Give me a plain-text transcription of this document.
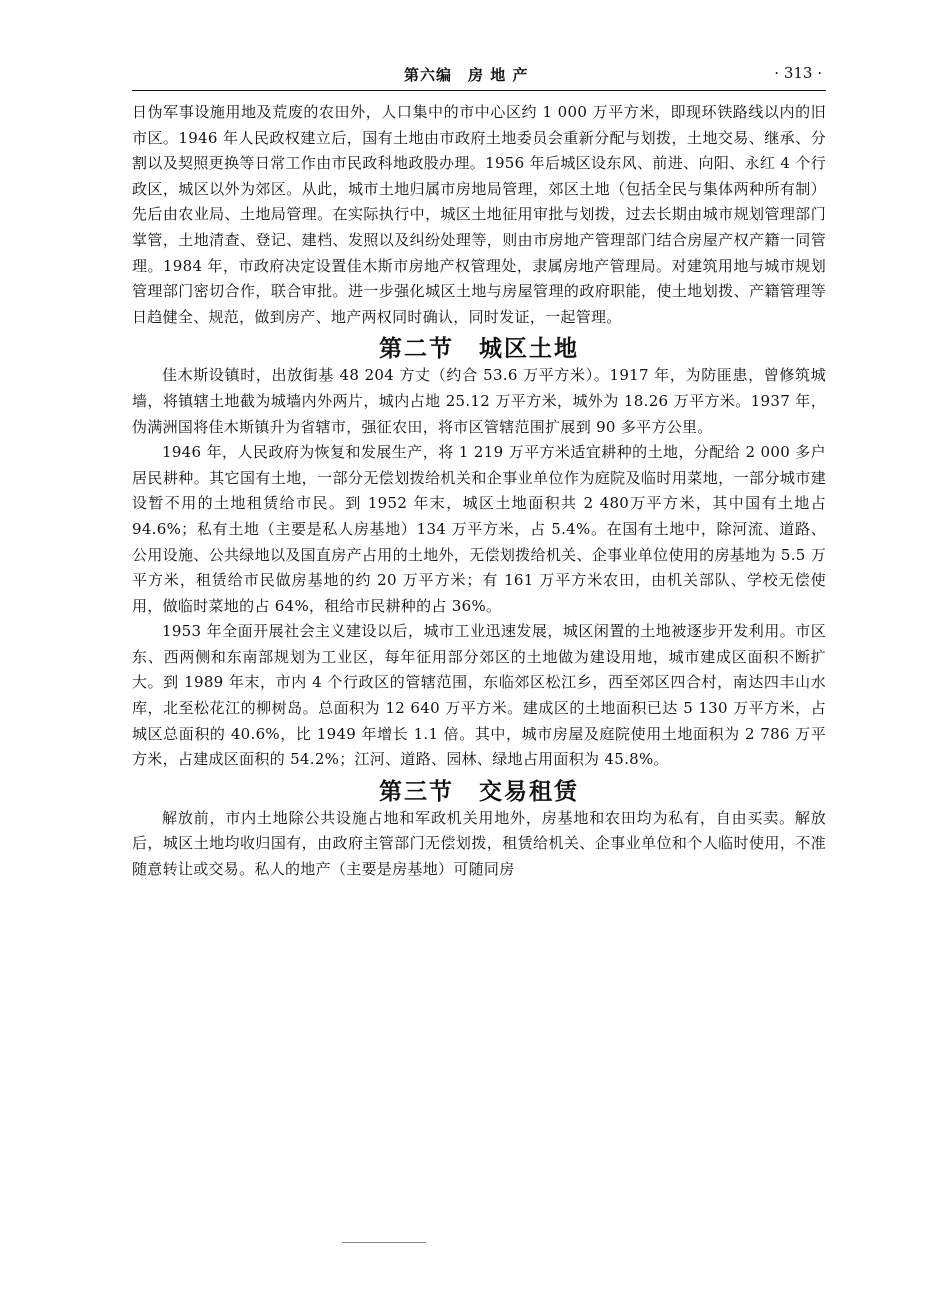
第六编　房 地 产	· 313 ·

日伪军事设施用地及荒废的农田外，人口集中的市中心区约 1 000 万平方米，即现环铁路线以内的旧市区。1946 年人民政权建立后，国有土地由市政府土地委员会重新分配与划拨，土地交易、继承、分割以及契照更换等日常工作由市民政科地政股办理。1956 年后城区设东风、前进、向阳、永红 4 个行政区，城区以外为郊区。从此，城市土地归属市房地局管理，郊区土地（包括全民与集体两种所有制）先后由农业局、土地局管理。在实际执行中，城区土地征用审批与划拨，过去长期由城市规划管理部门掌管，土地清查、登记、建档、发照以及纠纷处理等，则由市房地产管理部门结合房屋产权产籍一同管理。1984 年，市政府决定设置佳木斯市房地产权管理处，隶属房地产管理局。对建筑用地与城市规划管理部门密切合作，联合审批。进一步强化城区土地与房屋管理的政府职能，使土地划拨、产籍管理等日趋健全、规范，做到房产、地产两权同时确认，同时发证，一起管理。

第二节　城区土地

佳木斯设镇时，出放街基 48 204 方丈（约合 53.6 万平方米）。1917 年，为防匪患，曾修筑城墙，将镇辖土地截为城墙内外两片，城内占地 25.12 万平方米，城外为 18.26 万平方米。1937 年，伪满洲国将佳木斯镇升为省辖市，强征农田，将市区管辖范围扩展到 90 多平方公里。

1946 年，人民政府为恢复和发展生产，将 1 219 万平方米适宜耕种的土地，分配给 2 000 多户居民耕种。其它国有土地，一部分无偿划拨给机关和企事业单位作为庭院及临时用菜地，一部分城市建设暂不用的土地租赁给市民。到 1952 年末，城区土地面积共 2 480万平方米，其中国有土地占 94.6%；私有土地（主要是私人房基地）134 万平方米，占 5.4%。在国有土地中，除河流、道路、公用设施、公共绿地以及国直房产占用的土地外，无偿划拨给机关、企事业单位使用的房基地为 5.5 万平方米，租赁给市民做房基地的约 20 万平方米；有 161 万平方米农田，由机关部队、学校无偿使用，做临时菜地的占 64%，租给市民耕种的占 36%。

1953 年全面开展社会主义建设以后，城市工业迅速发展，城区闲置的土地被逐步开发利用。市区东、西两侧和东南部规划为工业区，每年征用部分郊区的土地做为建设用地，城市建成区面积不断扩大。到 1989 年末，市内 4 个行政区的管辖范围，东临郊区松江乡，西至郊区四合村，南达四丰山水库，北至松花江的柳树岛。总面积为 12 640 万平方米。建成区的土地面积已达 5 130 万平方米，占城区总面积的 40.6%，比 1949 年增长 1.1 倍。其中，城市房屋及庭院使用土地面积为 2 786 万平方米，占建成区面积的 54.2%；江河、道路、园林、绿地占用面积为 45.8%。

第三节　交易租赁

解放前，市内土地除公共设施占地和军政机关用地外，房基地和农田均为私有，自由买卖。解放后，城区土地均收归国有，由政府主管部门无偿划拨，租赁给机关、企事业单位和个人临时使用，不准随意转让或交易。私人的地产（主要是房基地）可随同房
